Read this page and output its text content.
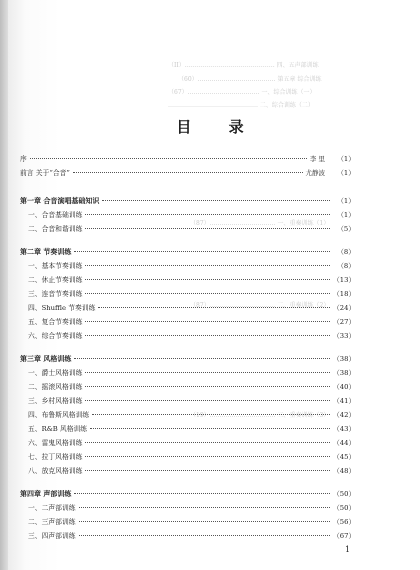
（II）……………………………………… 四、五声部训练
（60）………………………………… 第五章 综合训练
（67）……………………………… 一、综合训练（一）
……………………………………… 二、综合训练（二）
（87）…………………………… 一、重奏训练（1）
（87）…………………………… 二、重奏训练（2）
（19）…………………………… 三、重奏训练（3）
目 录
序	李 里	（1）
前言 关于“合音”	尤静波	（1）
第一章 合音演唱基础知识	（1）
一、合音基础训练	（1）
二、合音和谐训练	（5）
第二章 节奏训练	（8）
一、基本节奏训练	（8）
二、休止节奏训练	（13）
三、连音节奏训练	（18）
四、Shuffle 节奏训练	（24）
五、复合节奏训练	（27）
六、综合节奏训练	（33）
第三章 风格训练	（38）
一、爵士风格训练	（38）
二、摇滚风格训练	（40）
三、乡村风格训练	（41）
四、布鲁斯风格训练	（42）
五、R&B 风格训练	（43）
六、雷鬼风格训练	（44）
七、拉丁风格训练	（45）
八、放克风格训练	（48）
第四章 声部训练	（50）
一、二声部训练	（50）
二、三声部训练	（56）
三、四声部训练	（67）
1
